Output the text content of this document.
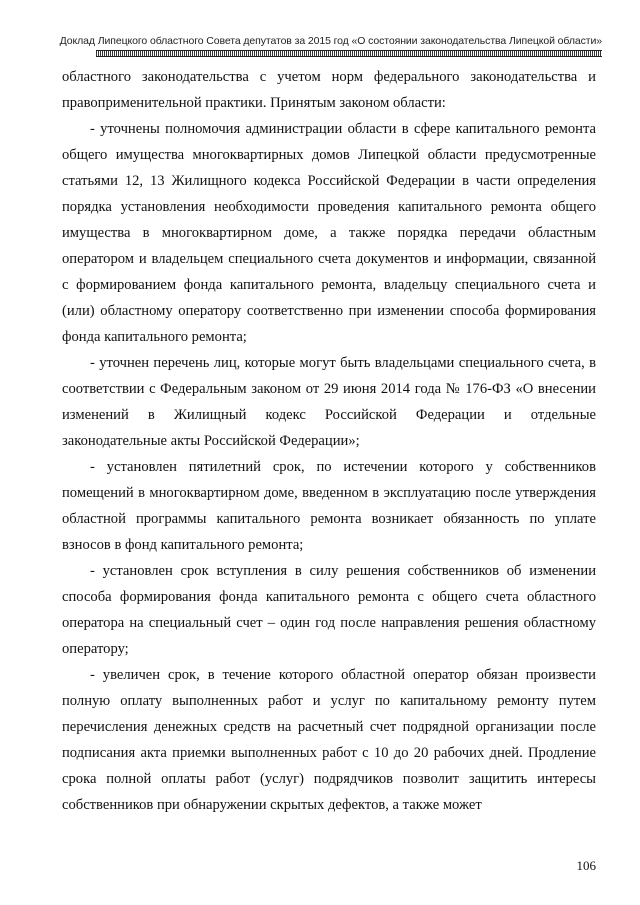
Доклад Липецкого областного Совета депутатов за 2015 год «О состоянии законодательства Липецкой области»

областного законодательства с учетом норм федерального законодательства и правоприменительной практики. Принятым законом области:

- уточнены полномочия администрации области в сфере капитального ремонта общего имущества многоквартирных домов Липецкой области предусмотренные статьями 12, 13 Жилищного кодекса Российской Федерации в части определения порядка установления необходимости проведения капитального ремонта общего имущества в многоквартирном доме, а также порядка передачи областным оператором и владельцем специального счета документов и информации, связанной с формированием фонда капитального ремонта, владельцу специального счета и (или) областному оператору соответственно при изменении способа формирования фонда капитального ремонта;

- уточнен перечень лиц, которые могут быть владельцами специального счета, в соответствии с Федеральным законом от 29 июня 2014 года № 176-ФЗ «О внесении изменений в Жилищный кодекс Российской Федерации и отдельные законодательные акты Российской Федерации»;

- установлен пятилетний срок, по истечении которого у собственников помещений в многоквартирном доме, введенном в эксплуатацию после утверждения областной программы капитального ремонта возникает обязанность по уплате взносов в фонд капитального ремонта;

- установлен срок вступления в силу решения собственников об изменении способа формирования фонда капитального ремонта с общего счета областного оператора на специальный счет – один год после направления решения областному оператору;

- увеличен срок, в течение которого областной оператор обязан произвести полную оплату выполненных работ и услуг по капитальному ремонту путем перечисления денежных средств на расчетный счет подрядной организации после подписания акта приемки выполненных работ с 10 до 20 рабочих дней. Продление срока полной оплаты работ (услуг) подрядчиков позволит защитить интересы собственников при обнаружении скрытых дефектов, а также может

106
